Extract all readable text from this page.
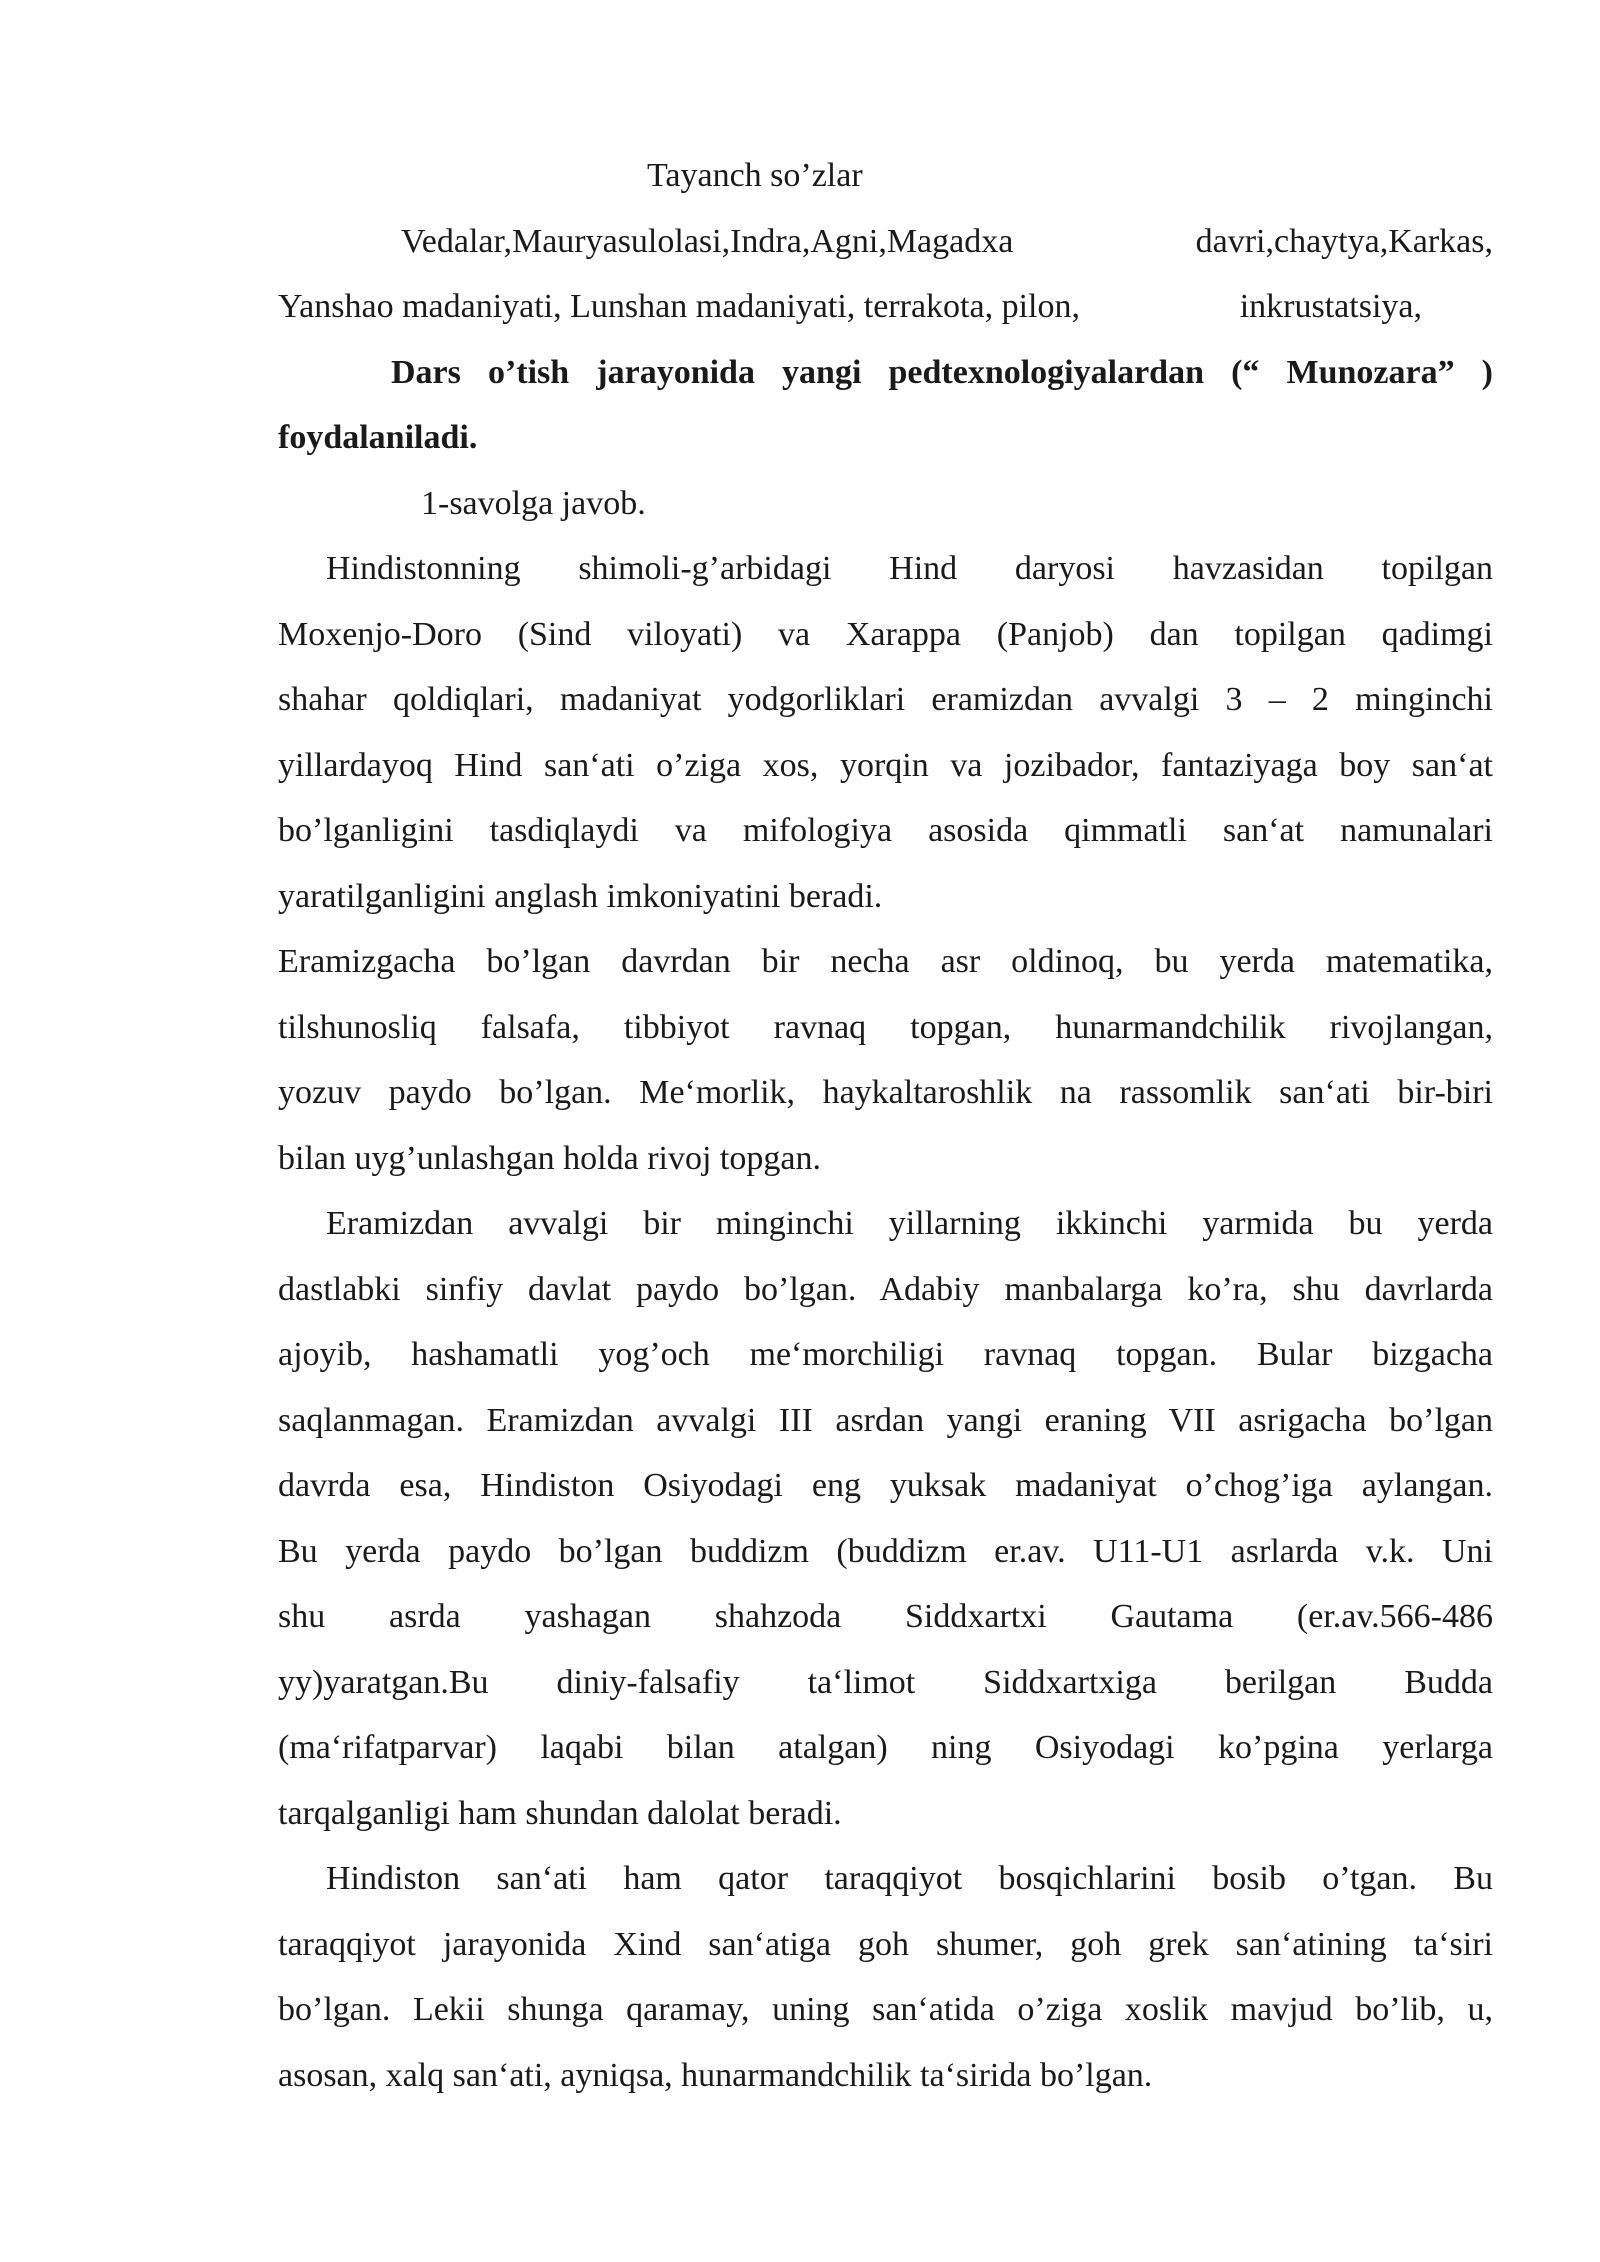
Tayanch so’zlar
Vedalar,Mauryasulolasi,Indra,Agni,Magadxa	davri,chaytya,Karkas,
Yanshao madaniyati, Lunshan madaniyati, terrakota, pilon,	inkrustatsiya,
Dars o’tish jarayonida yangi pedtexnologiyalardan (“ Munozara” )
foydalaniladi.
1-savolga javob.
Hindistonning shimoli-g’arbidagi Hind daryosi havzasidan topilgan
Moxenjo-Doro (Sind viloyati) va Xarappa (Panjob) dan topilgan qadimgi
shahar qoldiqlari, madaniyat yodgorliklari eramizdan avvalgi 3 – 2 minginchi
yillardayoq Hind san‘ati o’ziga xos, yorqin va jozibador, fantaziyaga boy san‘at
bo’lganligini tasdiqlaydi va mifologiya asosida qimmatli san‘at namunalari
yaratilganligini anglash imkoniyatini beradi.
Eramizgacha bo’lgan davrdan bir necha asr oldinoq, bu yerda matematika,
tilshunosliq falsafa, tibbiyot ravnaq topgan, hunarmandchilik rivojlangan,
yozuv paydo bo’lgan. Me‘morlik, haykaltaroshlik na rassomlik san‘ati bir-biri
bilan uyg’unlashgan holda rivoj topgan.
Eramizdan avvalgi bir minginchi yillarning ikkinchi yarmida bu yerda
dastlabki sinfiy davlat paydo bo’lgan. Adabiy manbalarga ko’ra, shu davrlarda
ajoyib, hashamatli yog’och me‘morchiligi ravnaq topgan. Bular bizgacha
saqlanmagan. Eramizdan avvalgi III asrdan yangi eraning VII asrigacha bo’lgan
davrda esa, Hindiston Osiyodagi eng yuksak madaniyat o’chog’iga aylangan.
Bu yerda paydo bo’lgan buddizm (buddizm er.av. U11-U1 asrlarda v.k. Uni
shu asrda yashagan shahzoda Siddxartxi Gautama (er.av.566-486
yy)yaratgan.Bu diniy-falsafiy ta‘limot Siddxartxiga berilgan Budda
(ma‘rifatparvar) laqabi bilan atalgan) ning Osiyodagi ko’pgina yerlarga
tarqalganligi ham shundan dalolat beradi.
Hindiston san‘ati ham qator taraqqiyot bosqichlarini bosib o’tgan. Bu
taraqqiyot jarayonida Xind san‘atiga goh shumer, goh grek san‘atining ta‘siri
bo’lgan. Lekii shunga qaramay, uning san‘atida o’ziga xoslik mavjud bo’lib, u,
asosan, xalq san‘ati, ayniqsa, hunarmandchilik ta‘sirida bo’lgan.
